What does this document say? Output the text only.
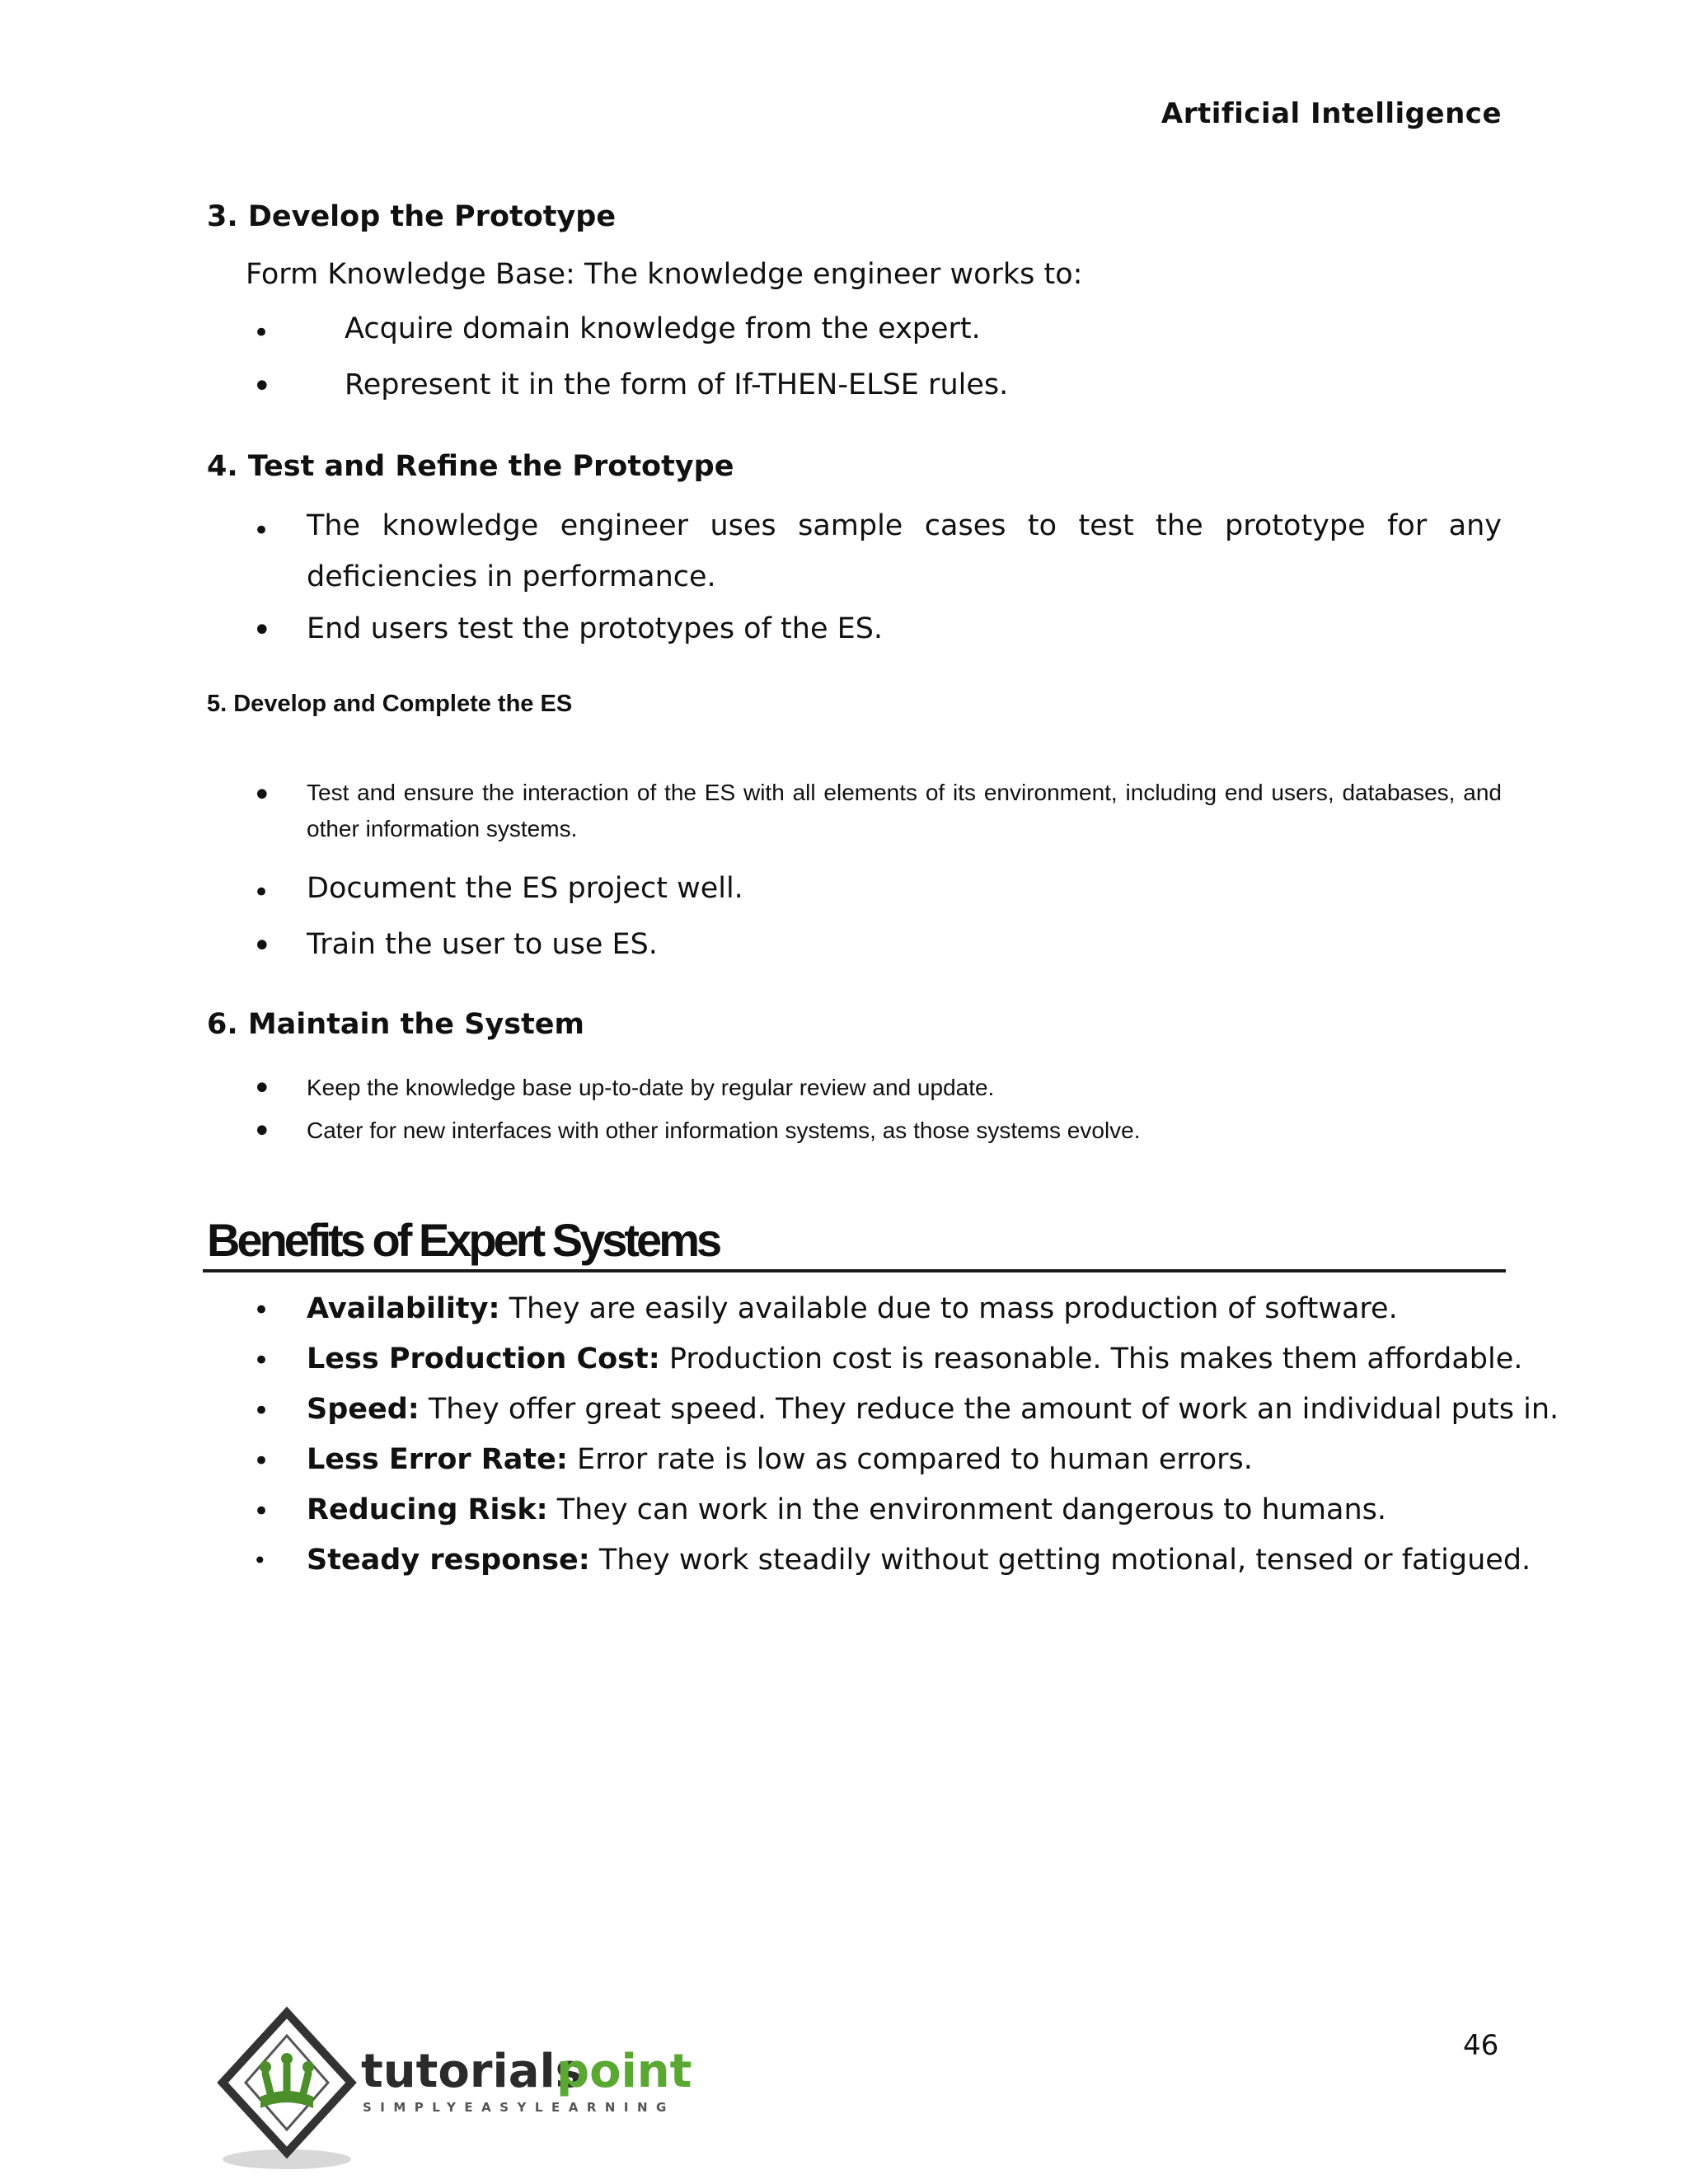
Artificial Intelligence
3. Develop the Prototype
Form Knowledge Base: The knowledge engineer works to:
•	Acquire domain knowledge from the expert.
•	Represent it in the form of If-THEN-ELSE rules.
4. Test and Refine the Prototype
• The knowledge engineer uses sample cases to test the prototype for any deficiencies in performance.
• End users test the prototypes of the ES.
5. Develop and Complete the ES
• Test and ensure the interaction of the ES with all elements of its environment, including end users, databases, and other information systems.
• Document the ES project well.
• Train the user to use ES.
6. Maintain the System
• Keep the knowledge base up-to-date by regular review and update.
• Cater for new interfaces with other information systems, as those systems evolve.
Benefits of Expert Systems
• Availability: They are easily available due to mass production of software.
• Less Production Cost: Production cost is reasonable. This makes them affordable.
• Speed: They offer great speed. They reduce the amount of work an individual puts in.
• Less Error Rate: Error rate is low as compared to human errors.
• Reducing Risk: They can work in the environment dangerous to humans.
• Steady response: They work steadily without getting motional, tensed or fatigued.
46
tutorials
point
SIMPLYEASYLEARNING
